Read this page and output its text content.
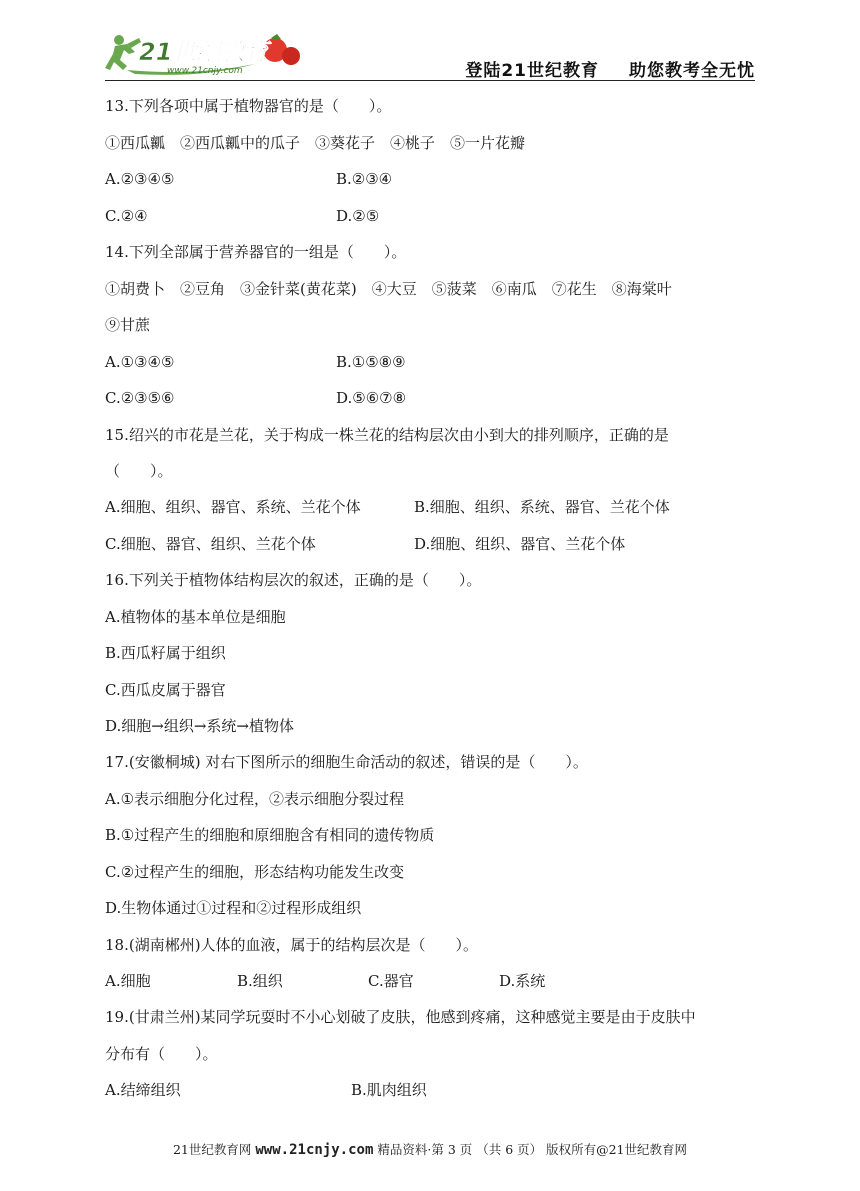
21世纪教育
www.21cnjy.com	登陆21世纪教育 助您教考全无忧
13.下列各项中属于植物器官的是（　　）。
①西瓜瓤　②西瓜瓤中的瓜子　③葵花子　④桃子　⑤一片花瓣
A.②③④⑤	B.②③④
C.②④	D.②⑤
14.下列全部属于营养器官的一组是（　　）。
①胡费卜　②豆角　③金针菜(黄花菜)　④大豆　⑤菠菜　⑥南瓜　⑦花生　⑧海棠叶
⑨甘蔗
A.①③④⑤	B.①⑤⑧⑨
C.②③⑤⑥	D.⑤⑥⑦⑧
15.绍兴的市花是兰花，关于构成一株兰花的结构层次由小到大的排列顺序，正确的是
（　　）。
A.细胞、组织、器官、系统、兰花个体	B.细胞、组织、系统、器官、兰花个体
C.细胞、器官、组织、兰花个体	D.细胞、组织、器官、兰花个体
16.下列关于植物体结构层次的叙述，正确的是（　　）。
A.植物体的基本单位是细胞
B.西瓜籽属于组织
C.西瓜皮属于器官
D.细胞→组织→系统→植物体
17.(安徽桐城) 对右下图所示的细胞生命活动的叙述，错误的是（　　）。
A.①表示细胞分化过程，②表示细胞分裂过程
B.①过程产生的细胞和原细胞含有相同的遗传物质
C.②过程产生的细胞，形态结构功能发生改变
D.生物体通过①过程和②过程形成组织
18.(湖南郴州)人体的血液，属于的结构层次是（　　）。
A.细胞	B.组织	C.器官	D.系统
19.(甘肃兰州)某同学玩耍时不小心划破了皮肤，他感到疼痛，这种感觉主要是由于皮肤中
分布有（　　）。
A.结缔组织	B.肌肉组织
21世纪教育网 www.21cnjy.com 精品资料·第 3 页 （共 6 页） 版权所有@21世纪教育网
